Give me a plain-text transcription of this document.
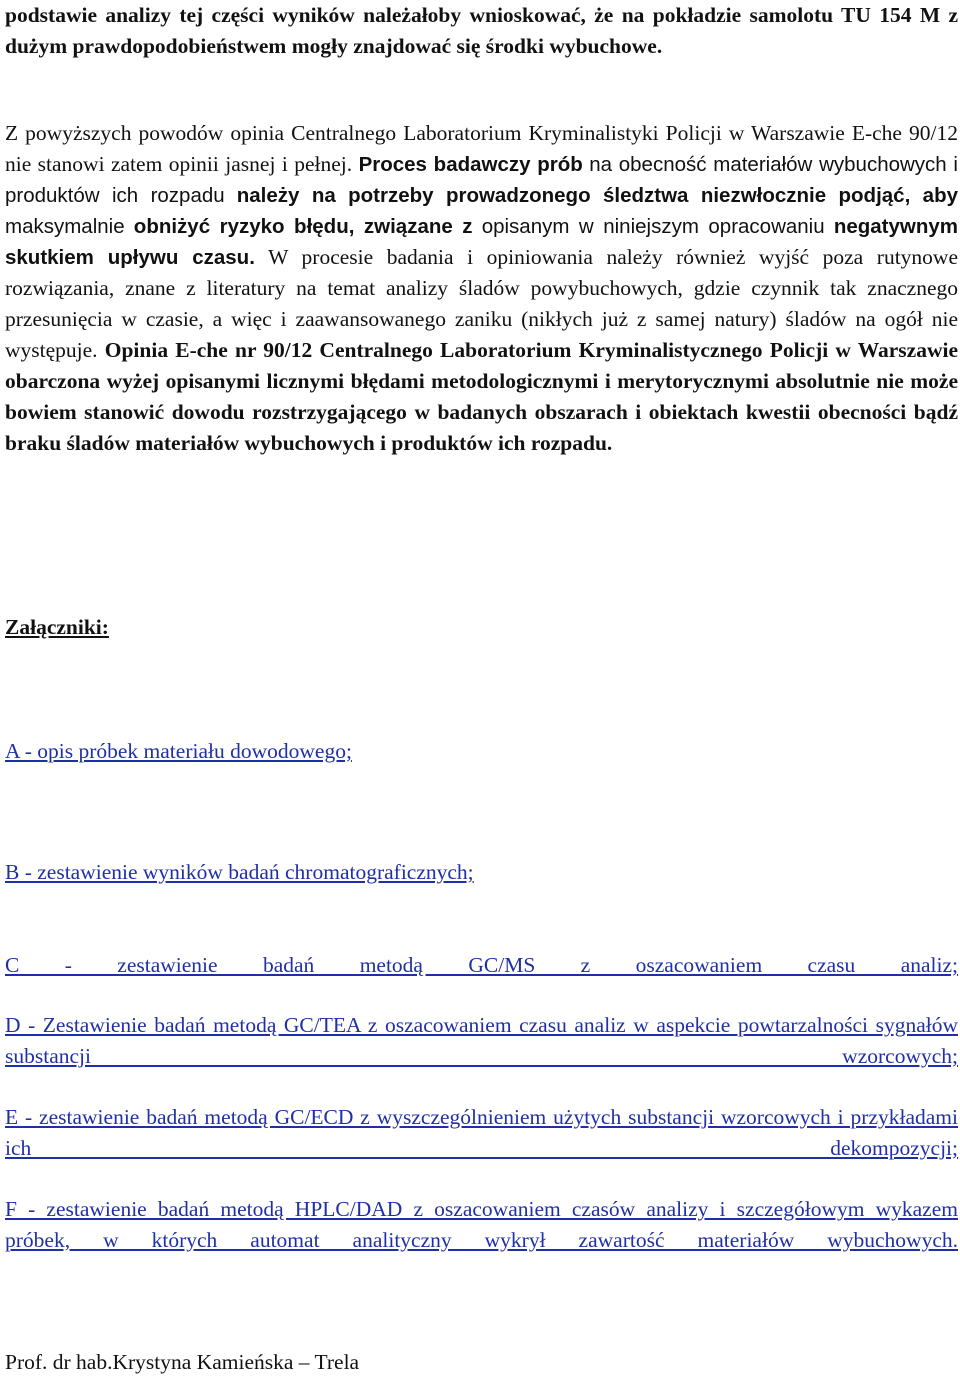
podstawie analizy tej części wyników należałoby wnioskować, że na pokładzie samolotu TU 154 M z dużym prawdopodobieństwem mogły znajdować się środki wybuchowe.

Z powyższych powodów opinia Centralnego Laboratorium Kryminalistyki Policji w Warszawie E-che 90/12 nie stanowi zatem opinii jasnej i pełnej. Proces badawczy prób na obecność materiałów wybuchowych i produktów ich rozpadu należy na potrzeby prowadzonego śledztwa niezwłocznie podjąć, aby maksymalnie obniżyć ryzyko błędu, związane z opisanym w niniejszym opracowaniu negatywnym skutkiem upływu czasu. W procesie badania i opiniowania należy również wyjść poza rutynowe rozwiązania, znane z literatury na temat analizy śladów powybuchowych, gdzie czynnik tak znacznego przesunięcia w czasie, a więc i zaawansowanego zaniku (nikłych już z samej natury) śladów na ogół nie występuje. Opinia E-che nr 90/12 Centralnego Laboratorium Kryminalistycznego Policji w Warszawie obarczona wyżej opisanymi licznymi błędami metodologicznymi i merytorycznymi absolutnie nie może bowiem stanowić dowodu rozstrzygającego w badanych obszarach i obiektach kwestii obecności bądź braku śladów materiałów wybuchowych i produktów ich rozpadu.

Załączniki:

A - opis próbek materiału dowodowego;

B - zestawienie wyników badań chromatograficznych;

C - zestawienie badań metodą GC/MS z oszacowaniem czasu analiz;

D - Zestawienie badań metodą GC/TEA z oszacowaniem czasu analiz w aspekcie powtarzalności sygnałów substancji wzorcowych;

E - zestawienie badań metodą GC/ECD z wyszczególnieniem użytych substancji wzorcowych i przykładami ich dekompozycji;

F - zestawienie badań metodą HPLC/DAD z oszacowaniem czasów analizy i szczegółowym wykazem próbek, w których automat analityczny wykrył zawartość materiałów wybuchowych.

Prof. dr hab.Krystyna Kamieńska – Trela
